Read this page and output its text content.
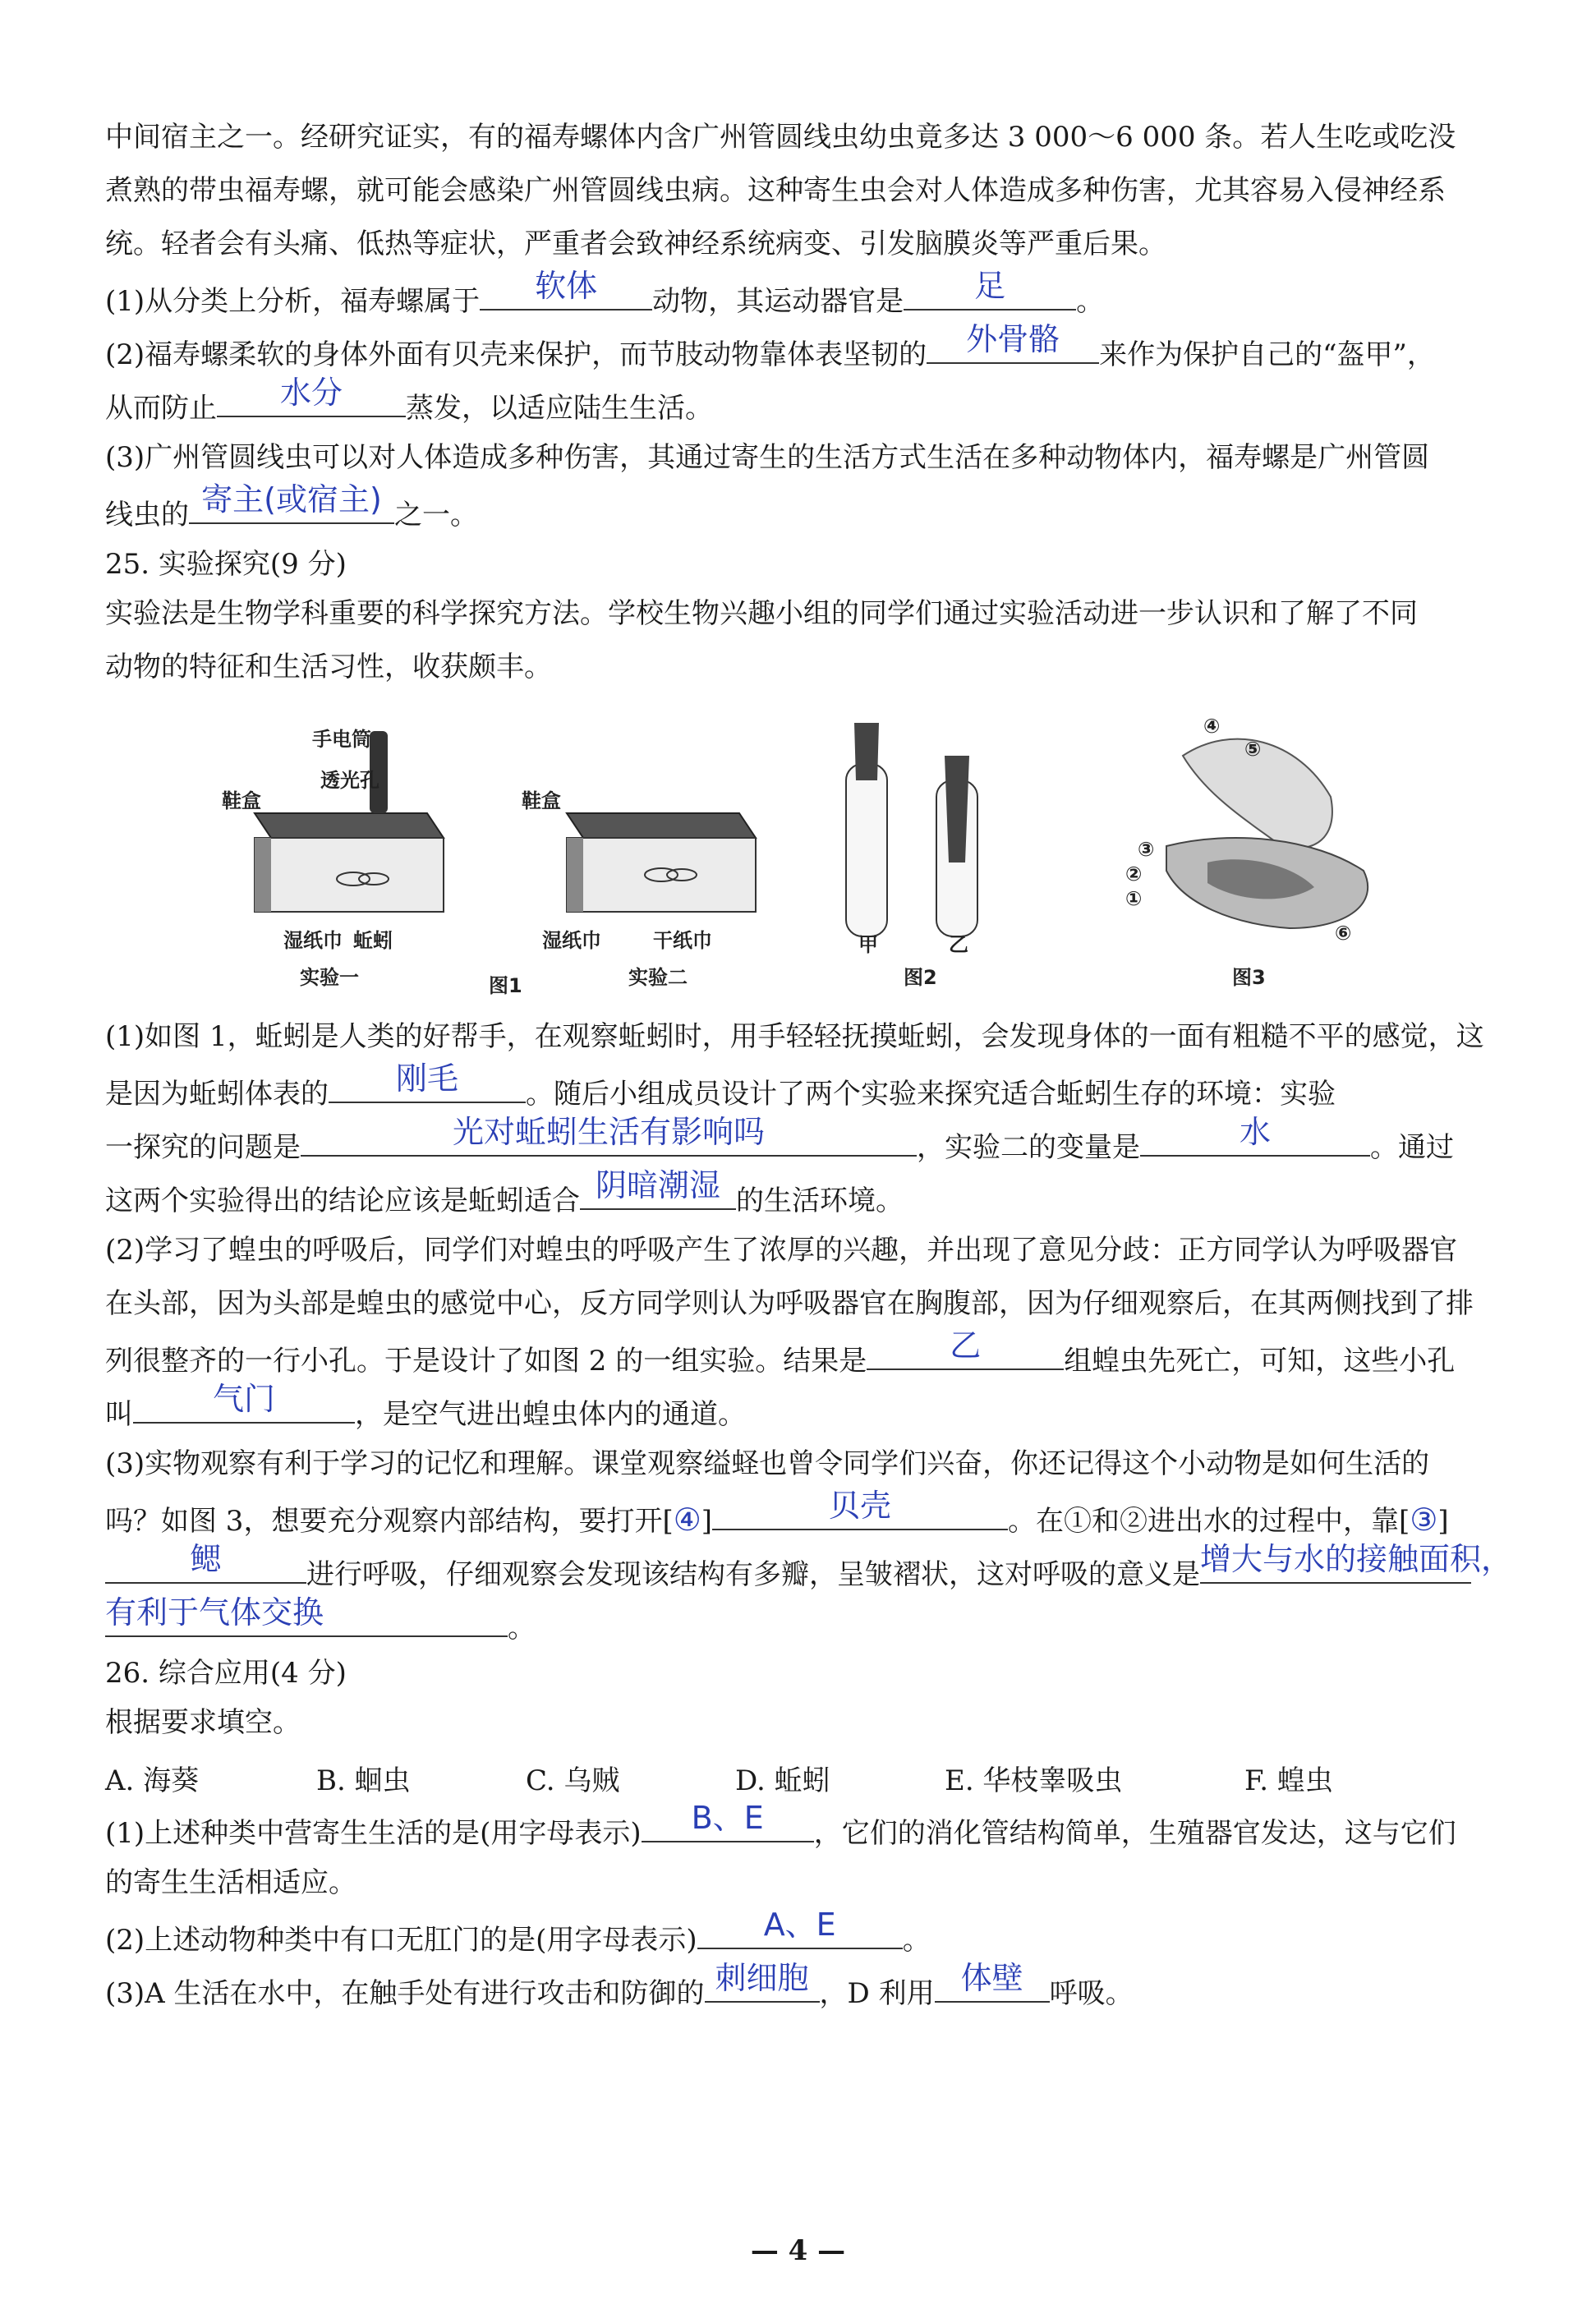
中间宿主之一。经研究证实，有的福寿螺体内含广州管圆线虫幼虫竟多达 3 000～6 000 条。若人生吃或吃没
煮熟的带虫福寿螺，就可能会感染广州管圆线虫病。这种寄生虫会对人体造成多种伤害，尤其容易入侵神经系
统。轻者会有头痛、低热等症状，严重者会致神经系统病变、引发脑膜炎等严重后果。
(1)从分类上分析，福寿螺属于	软体	动物，其运动器官是	足	。
(2)福寿螺柔软的身体外面有贝壳来保护，而节肢动物靠体表坚韧的	外骨骼	来作为保护自己的“盔甲”，
从而防止	水分	蒸发，以适应陆生生活。
(3)广州管圆线虫可以对人体造成多种伤害，其通过寄生的生活方式生活在多种动物体内，福寿螺是广州管圆
线虫的 寄主(或宿主) 之一。
25. 实验探究(9 分)
实验法是生物学科重要的科学探究方法。学校生物兴趣小组的同学们通过实验活动进一步认识和了解了不同
动物的特征和生活习性，收获颇丰。
手电筒
透光孔
鞋盒	鞋盒
湿纸巾 蚯蚓	湿纸巾	干纸巾
实验一	实验二
图1
甲	乙
图2
④
⑤
③
②
①
⑥
图3
(1)如图 1，蚯蚓是人类的好帮手，在观察蚯蚓时，用手轻轻抚摸蚯蚓，会发现身体的一面有粗糙不平的感觉，这
是因为蚯蚓体表的	刚毛	。随后小组成员设计了两个实验来探究适合蚯蚓生存的环境：实验
一探究的问题是	光对蚯蚓生活有影响吗	，实验二的变量是	水	。通过
这两个实验得出的结论应该是蚯蚓适合 阴暗潮湿 的生活环境。
(2)学习了蝗虫的呼吸后，同学们对蝗虫的呼吸产生了浓厚的兴趣，并出现了意见分歧：正方同学认为呼吸器官
在头部，因为头部是蝗虫的感觉中心，反方同学则认为呼吸器官在胸腹部，因为仔细观察后，在其两侧找到了排
列很整齐的一行小孔。于是设计了如图 2 的一组实验。结果是	乙	组蝗虫先死亡，可知，这些小孔
叫	气门	，是空气进出蝗虫体内的通道。
(3)实物观察有利于学习的记忆和理解。课堂观察缢蛏也曾令同学们兴奋，你还记得这个小动物是如何生活的
吗？如图 3，想要充分观察内部结构，要打开[④]	贝壳	。在①和②进出水的过程中，靠[③]
鳃	进行呼吸，仔细观察会发现该结构有多瓣，呈皱褶状，这对呼吸的意义是 增大与水的接触面积，
有利于气体交换	。
26. 综合应用(4 分)
根据要求填空。
A. 海葵	B. 蛔虫	C. 乌贼	D. 蚯蚓	E. 华枝睾吸虫	F. 蝗虫
(1)上述种类中营寄生生活的是(用字母表示)	B、E	，它们的消化管结构简单，生殖器官发达，这与它们
的寄生生活相适应。
(2)上述动物种类中有口无肛门的是(用字母表示)	A、E	。
(3)A 生活在水中，在触手处有进行攻击和防御的 刺细胞 ，D 利用 体壁 呼吸。
— 4 —
